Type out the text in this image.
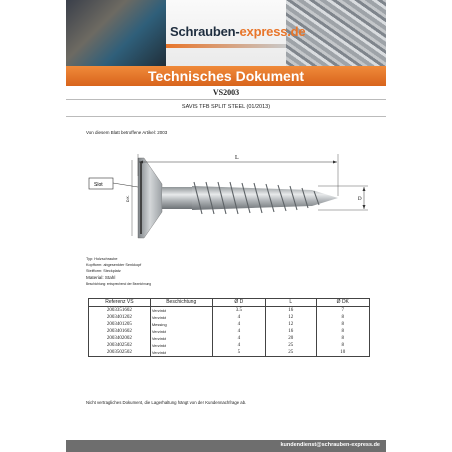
Schrauben-express.de
Technisches Dokument
VS2003
SAVIS TFB SPLIT STEEL (01/2013)
Von diesem Blatt betroffene Artikel: 2003
Slot
L
D
D.K.
Typ: Holzschraube
Kopfform: abgesenkter Senkkopf
Steifform: Steckplatz
Material: Stahl
Beschichtung: entsprechend der Bezeichnung
Referenz VS	Beschichtung	Ø D	L	Ø DK
2003351602	Verzinkt	3.5	16	7
2003401202	Verzinkt	4	12	8
2003401205	Messing	4	12	8
2003401602	Verzinkt	4	16	8
2003402002	Verzinkt	4	20	8
2003402502	Verzinkt	4	25	8
2003502502	Verzinkt	5	25	10
Nicht vertragliches Dokument, die Lagerhaltung hängt von der Kundennachfrage ab.
kundendienst@schrauben-express.de
